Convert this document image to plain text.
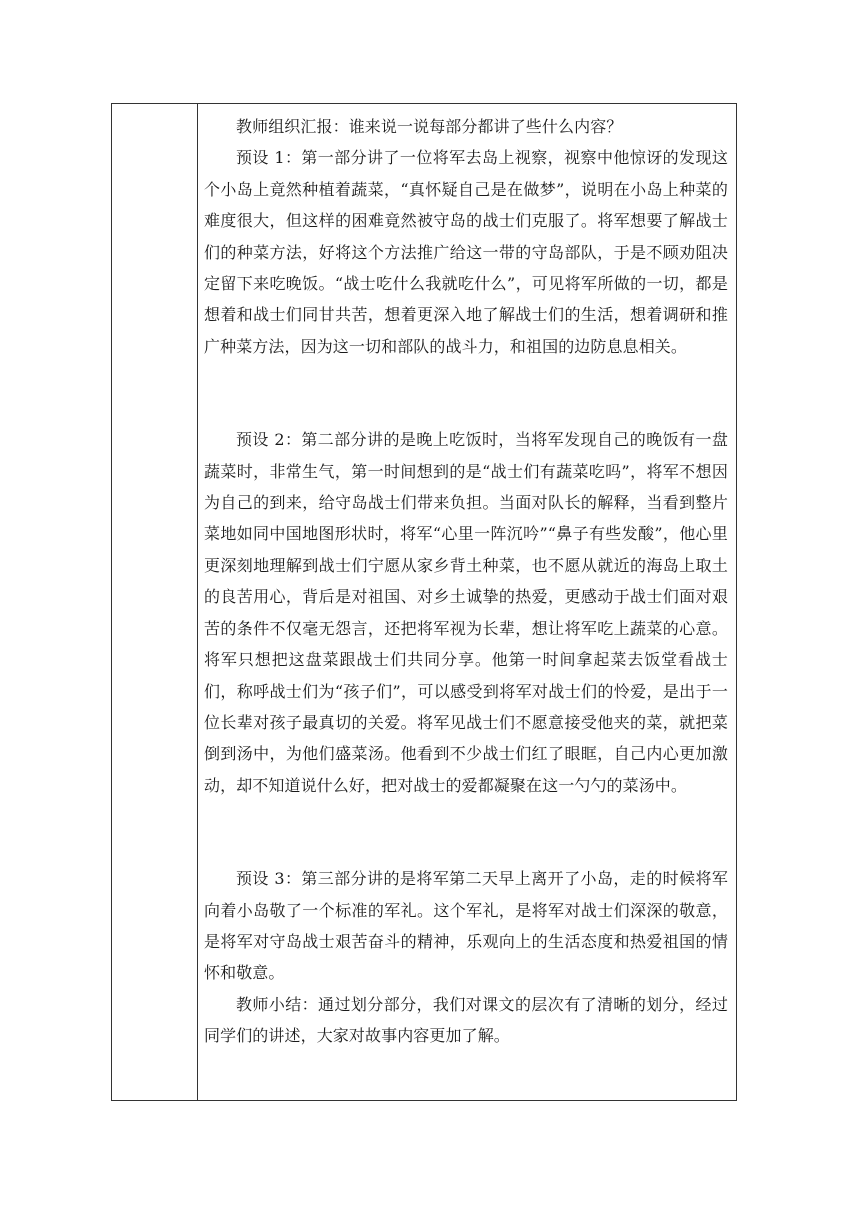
教师组织汇报：谁来说一说每部分都讲了些什么内容？

预设 1：第一部分讲了一位将军去岛上视察，视察中他惊讶的发现这个小岛上竟然种植着蔬菜，“真怀疑自己是在做梦”，说明在小岛上种菜的难度很大，但这样的困难竟然被守岛的战士们克服了。将军想要了解战士们的种菜方法，好将这个方法推广给这一带的守岛部队，于是不顾劝阻决定留下来吃晚饭。“战士吃什么我就吃什么”，可见将军所做的一切，都是想着和战士们同甘共苦，想着更深入地了解战士们的生活，想着调研和推广种菜方法，因为这一切和部队的战斗力，和祖国的边防息息相关。

预设 2：第二部分讲的是晚上吃饭时，当将军发现自己的晚饭有一盘蔬菜时，非常生气，第一时间想到的是“战士们有蔬菜吃吗”，将军不想因为自己的到来，给守岛战士们带来负担。当面对队长的解释，当看到整片菜地如同中国地图形状时，将军“心里一阵沉吟”“鼻子有些发酸”，他心里更深刻地理解到战士们宁愿从家乡背土种菜，也不愿从就近的海岛上取土的良苦用心，背后是对祖国、对乡土诚挚的热爱，更感动于战士们面对艰苦的条件不仅毫无怨言，还把将军视为长辈，想让将军吃上蔬菜的心意。将军只想把这盘菜跟战士们共同分享。他第一时间拿起菜去饭堂看战士们，称呼战士们为“孩子们”，可以感受到将军对战士们的怜爱，是出于一位长辈对孩子最真切的关爱。将军见战士们不愿意接受他夹的菜，就把菜倒到汤中，为他们盛菜汤。他看到不少战士们红了眼眶，自己内心更加激动，却不知道说什么好，把对战士的爱都凝聚在这一勺勺的菜汤中。

预设 3：第三部分讲的是将军第二天早上离开了小岛，走的时候将军向着小岛敬了一个标准的军礼。这个军礼，是将军对战士们深深的敬意，是将军对守岛战士艰苦奋斗的精神，乐观向上的生活态度和热爱祖国的情怀和敬意。

教师小结：通过划分部分，我们对课文的层次有了清晰的划分，经过同学们的讲述，大家对故事内容更加了解。
